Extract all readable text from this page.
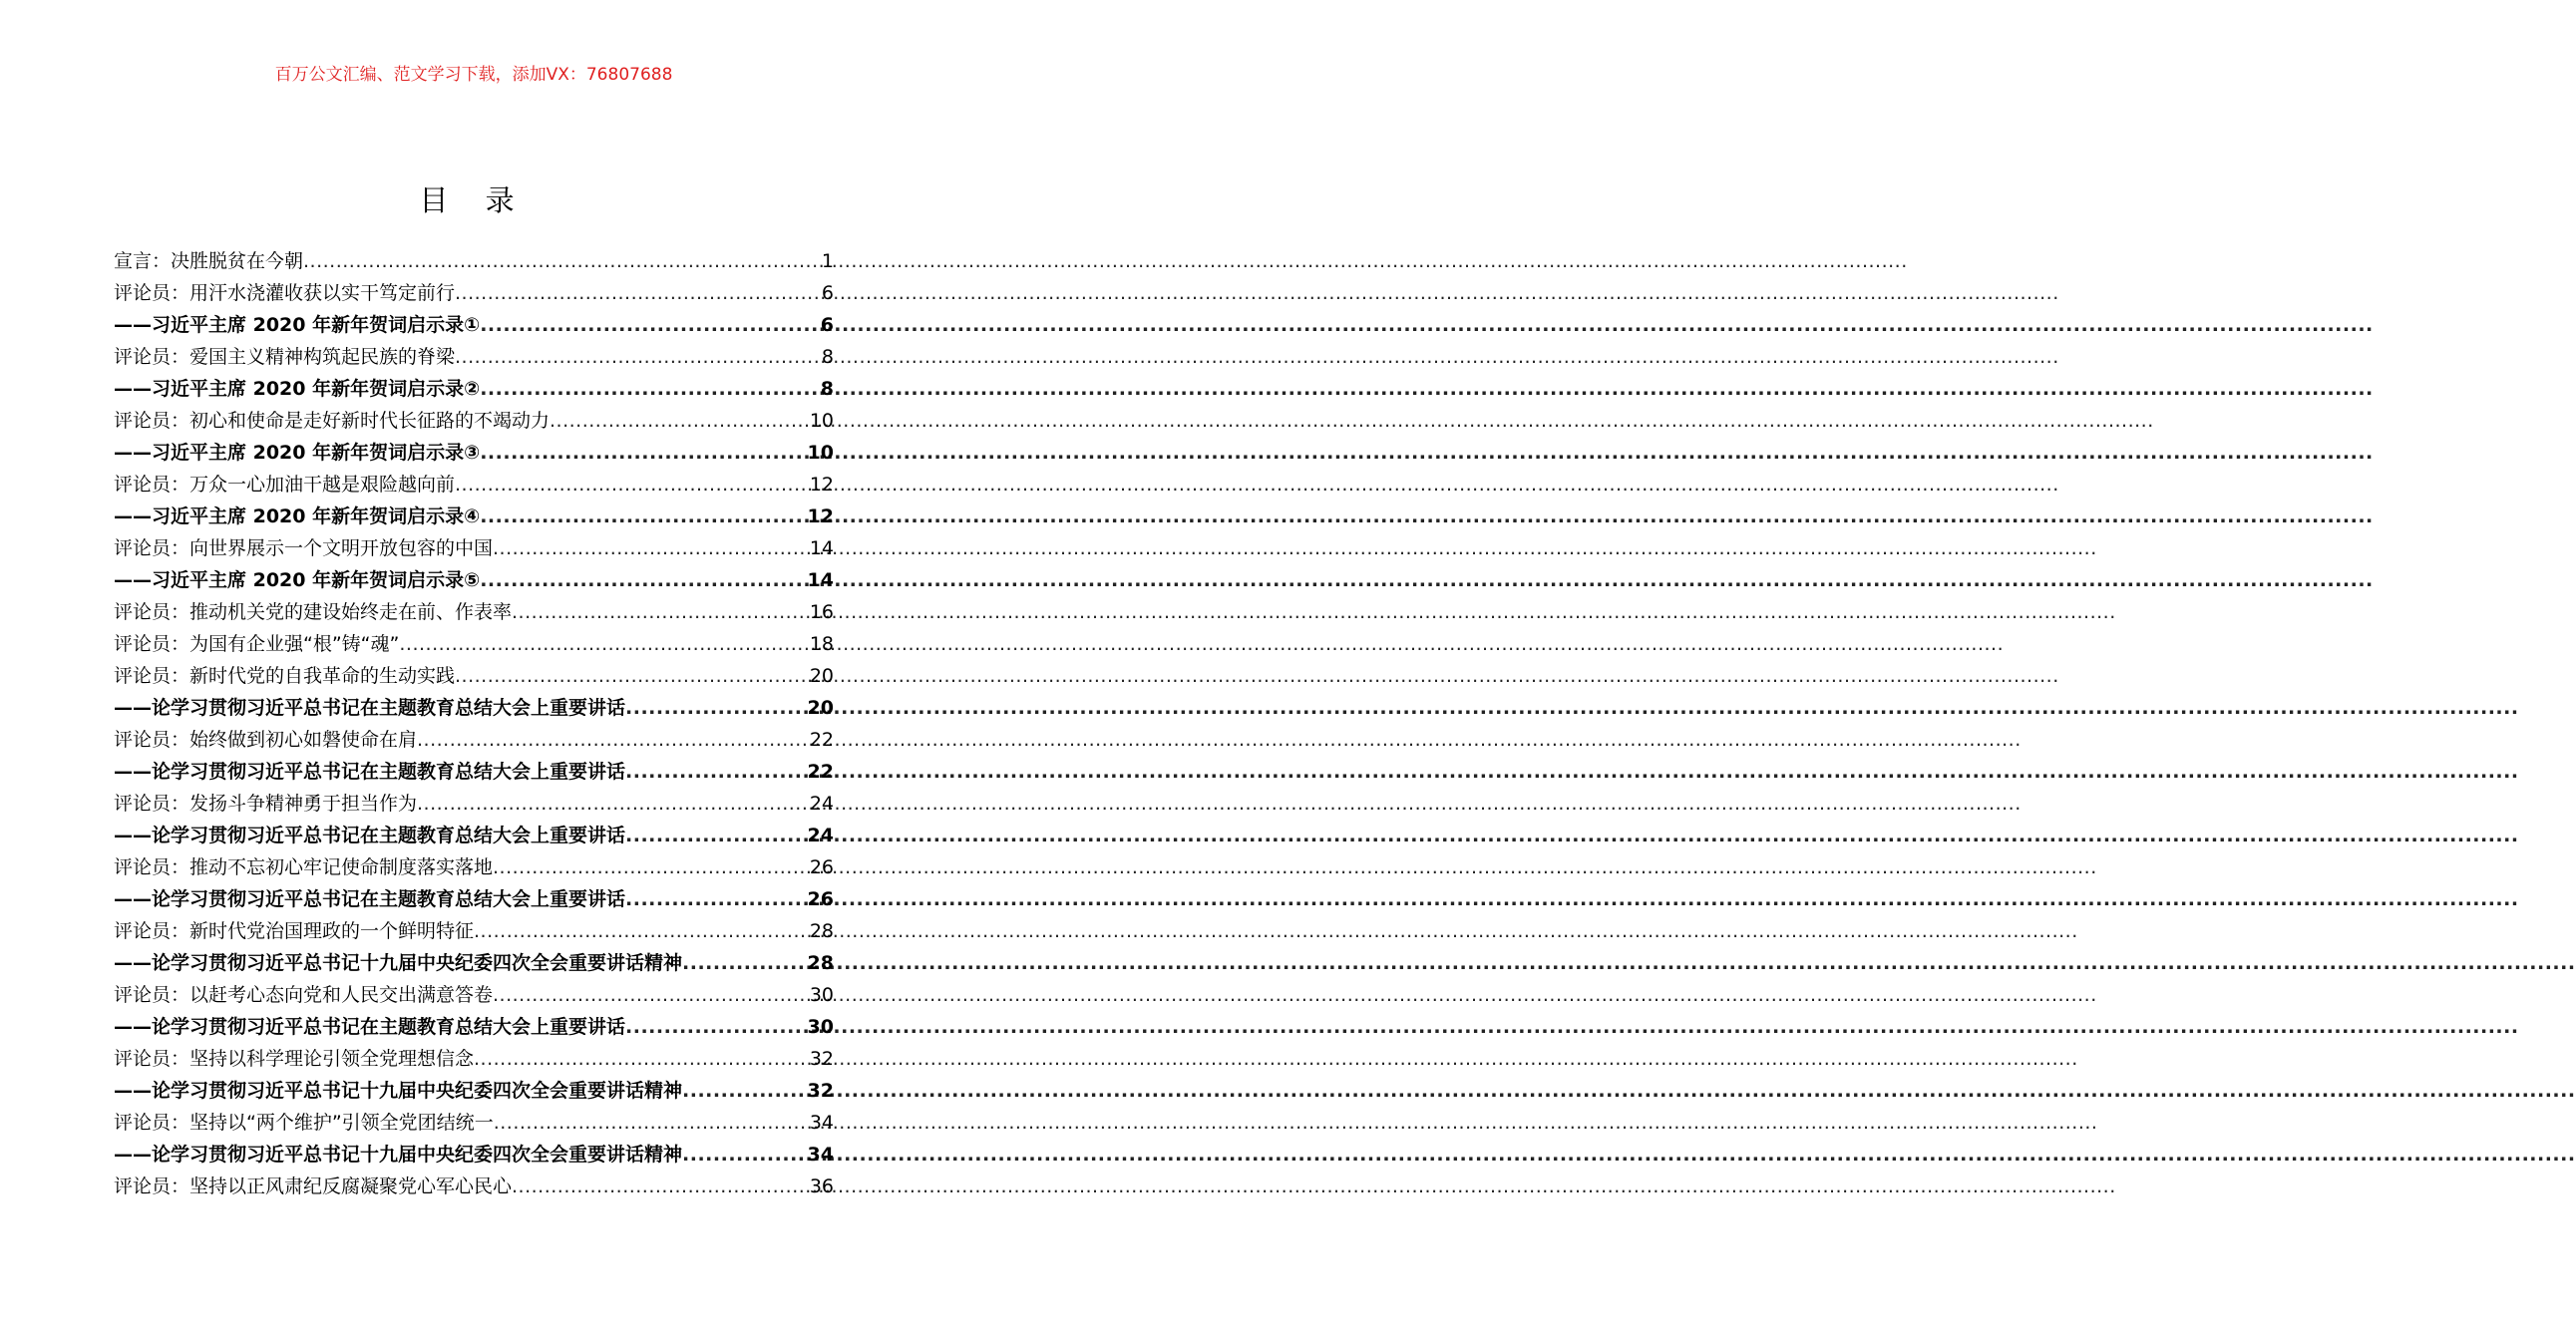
百万公文汇编、范文学习下载，添加VX：76807688
目 录
宣言：决胜脱贫在今朝 .....	1
评论员：用汗水浇灌收获以实干笃定前行 .....	6
——习近平主席 2020 年新年贺词启示录① .....	6
评论员：爱国主义精神构筑起民族的脊梁 .....	8
——习近平主席 2020 年新年贺词启示录② .....	8
评论员：初心和使命是走好新时代长征路的不竭动力 .....	10
——习近平主席 2020 年新年贺词启示录③ .....	10
评论员：万众一心加油干越是艰险越向前 .....	12
——习近平主席 2020 年新年贺词启示录④ .....	12
评论员：向世界展示一个文明开放包容的中国 .....	14
——习近平主席 2020 年新年贺词启示录⑤ .....	14
评论员：推动机关党的建设始终走在前、作表率 .....	16
评论员：为国有企业强“根”铸“魂” .....	18
评论员：新时代党的自我革命的生动实践 .....	20
——论学习贯彻习近平总书记在主题教育总结大会上重要讲话 .....	20
评论员：始终做到初心如磐使命在肩 .....	22
——论学习贯彻习近平总书记在主题教育总结大会上重要讲话 .....	22
评论员：发扬斗争精神勇于担当作为 .....	24
——论学习贯彻习近平总书记在主题教育总结大会上重要讲话 .....	24
评论员：推动不忘初心牢记使命制度落实落地 .....	26
——论学习贯彻习近平总书记在主题教育总结大会上重要讲话 .....	26
评论员：新时代党治国理政的一个鲜明特征 .....	28
——论学习贯彻习近平总书记十九届中央纪委四次全会重要讲话精神 .....	28
评论员：以赶考心态向党和人民交出满意答卷 .....	30
——论学习贯彻习近平总书记在主题教育总结大会上重要讲话 .....	30
评论员：坚持以科学理论引领全党理想信念 .....	32
——论学习贯彻习近平总书记十九届中央纪委四次全会重要讲话精神 .....	32
评论员：坚持以“两个维护”引领全党团结统一 .....	34
——论学习贯彻习近平总书记十九届中央纪委四次全会重要讲话精神 .....	34
评论员：坚持以正风肃纪反腐凝聚党心军心民心 .....	36
